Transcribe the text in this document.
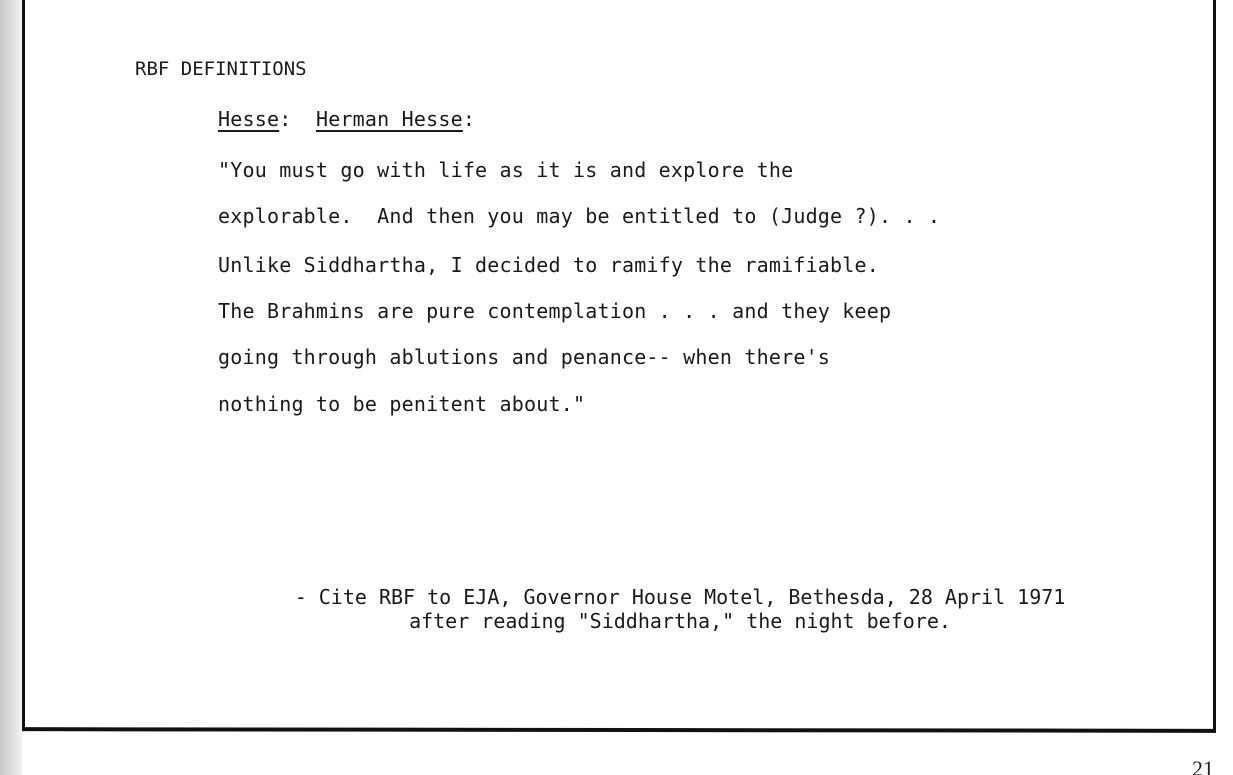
RBF DEFINITIONS
Hesse: Herman Hesse:
"You must go with life as it is and explore the
explorable.  And then you may be entitled to (Judge ?). . .
Unlike Siddhartha, I decided to ramify the ramifiable.
The Brahmins are pure contemplation . . . and they keep
going through ablutions and penance-- when there's
nothing to be penitent about."
- Cite RBF to EJA, Governor House Motel, Bethesda, 28 April 1971
after reading "Siddhartha," the night before.
21
